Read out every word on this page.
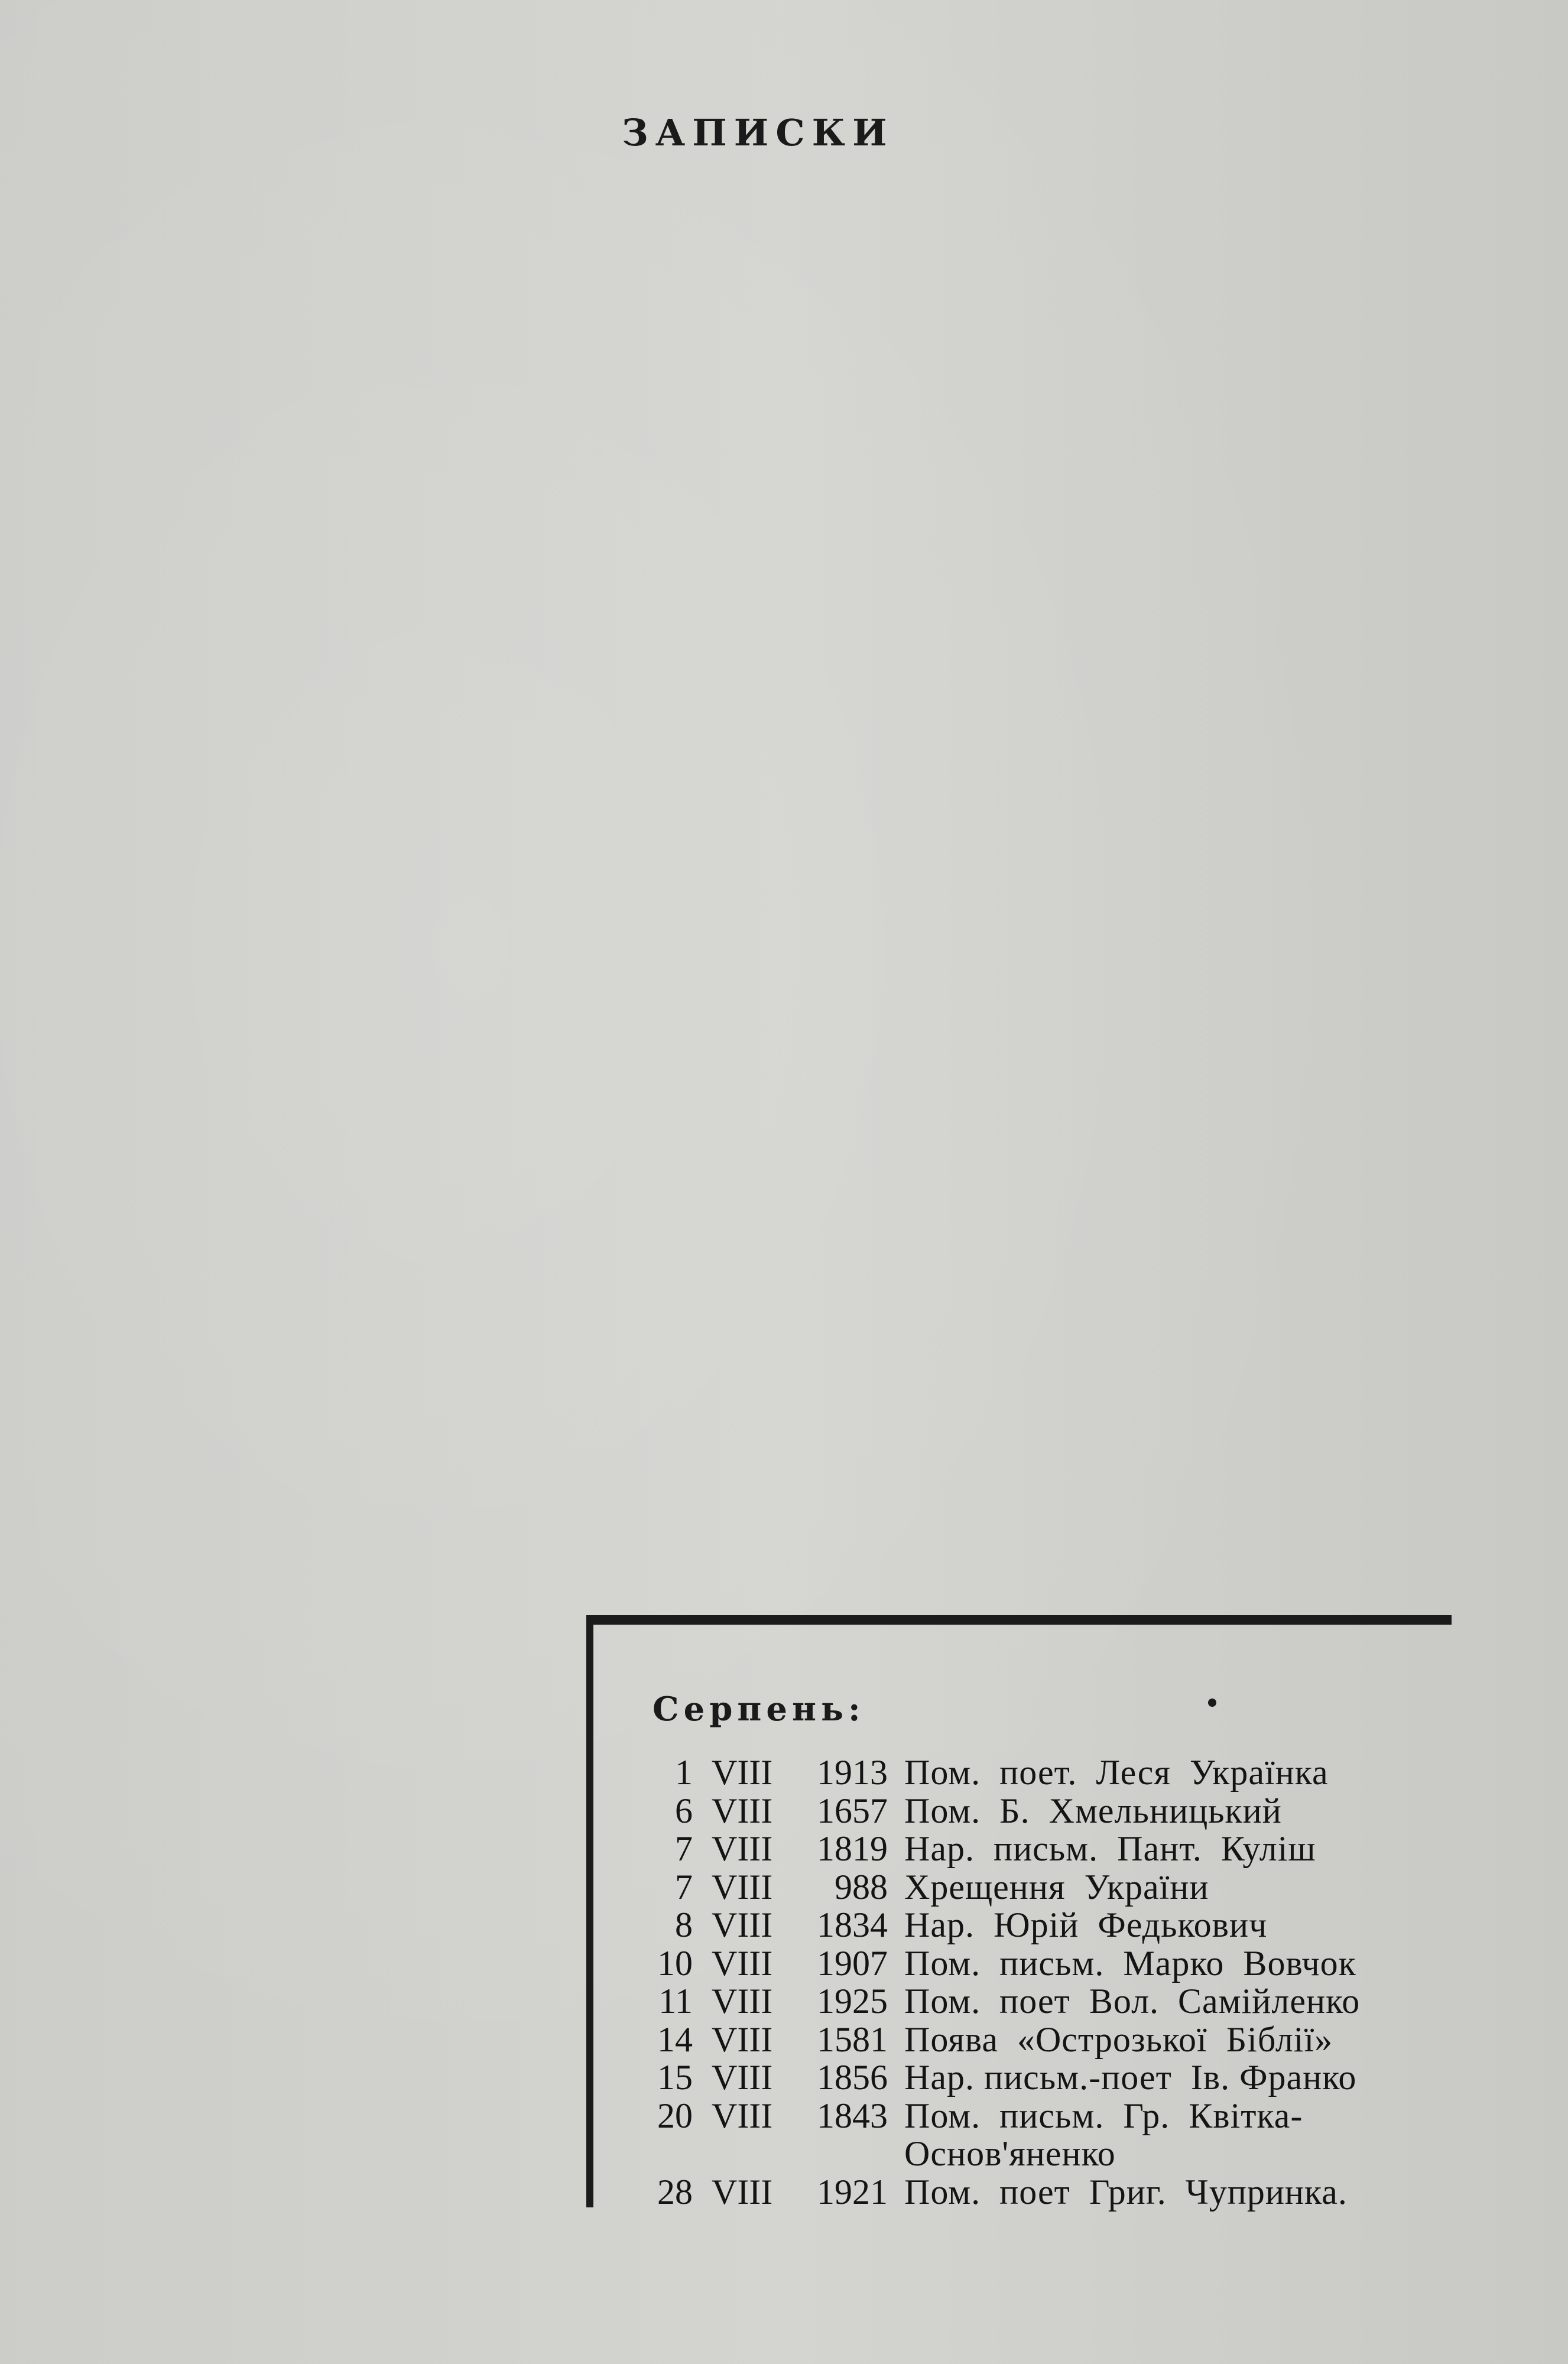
ЗАПИСКИ
Серпень:
1 VIII 1913 Пом.  поет.  Леся  Українка
6 VIII 1657 Пом.  Б.  Хмельницький
7 VIII 1819 Нар.  письм.  Пант.  Куліш
7 VIII 988 Хрещення  України
8 VIII 1834 Нар.  Юрій  Федькович
10 VIII 1907 Пом.  письм.  Марко  Вовчок
11 VIII 1925 Пом.  поет  Вол.  Самійленко
14 VIII 1581 Поява  «Острозької  Біблії»
15 VIII 1856 Нар. письм.-поет  Ів. Франко
20 VIII 1843 Пом.  письм.  Гр.  Квітка-
Основ'яненко
28 VIII 1921 Пом.  поет  Григ.  Чупринка.
